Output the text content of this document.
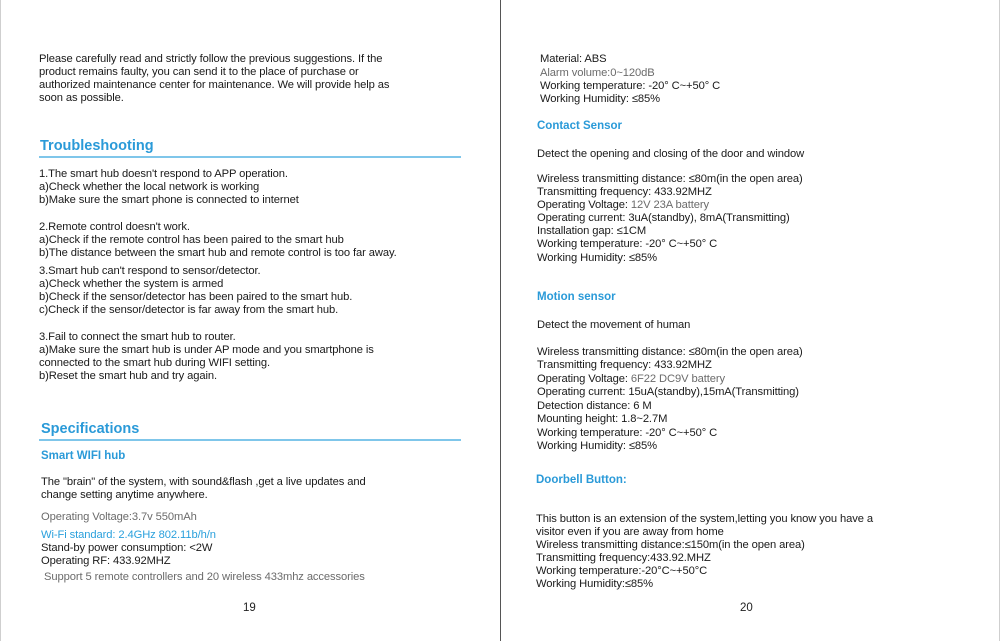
Please carefully read and strictly follow the previous suggestions. If the
product remains faulty, you can send it to the place of purchase or
authorized maintenance center for maintenance. We will provide help as
soon as possible.
Troubleshooting
1.The smart hub doesn't respond to APP operation.
a)Check whether the local network is working
b)Make sure the smart phone is connected to internet
2.Remote control doesn't work.
a)Check if the remote control has been paired to the smart hub
b)The distance between the smart hub and remote control is too far away.
3.Smart hub can't respond to sensor/detector.
a)Check whether the system is armed
b)Check if the sensor/detector has been paired to the smart hub.
c)Check if the sensor/detector is far away from the smart hub.
3.Fail to connect the smart hub to router.
a)Make sure the smart hub is under AP mode and you smartphone is
connected to the smart hub during WIFI setting.
b)Reset the smart hub and try again.
Specifications
Smart WIFI hub
The "brain" of the system, with sound&flash ,get a live updates and
change setting anytime anywhere.
Operating Voltage:3.7v 550mAh
Wi-Fi standard: 2.4GHz 802.11b/h/n
Stand-by power consumption: <2W
Operating RF: 433.92MHZ
Support 5 remote controllers and 20 wireless 433mhz accessories
19
Material: ABS
Alarm volume:0~120dB
Working temperature: -20° C~+50° C
Working Humidity: ≤85%
Contact Sensor
Detect the opening and closing of the door and window
Wireless transmitting distance: ≤80m(in the open area)
Transmitting frequency: 433.92MHZ
Operating Voltage: 12V 23A battery
Operating current: 3uA(standby), 8mA(Transmitting)
Installation gap: ≤1CM
Working temperature: -20° C~+50° C
Working Humidity: ≤85%
Motion sensor
Detect the movement of human
Wireless transmitting distance: ≤80m(in the open area)
Transmitting frequency: 433.92MHZ
Operating Voltage: 6F22 DC9V battery
Operating current: 15uA(standby),15mA(Transmitting)
Detection distance: 6 M
Mounting height: 1.8~2.7M
Working temperature: -20° C~+50° C
Working Humidity: ≤85%
Doorbell Button:
This button is an extension of the system,letting you know you have a
visitor even if you are away from home
Wireless transmitting distance:≤150m(in the open area)
Transmitting frequency:433.92.MHZ
Working temperature:-20°C~+50°C
Working Humidity:≤85%
20
